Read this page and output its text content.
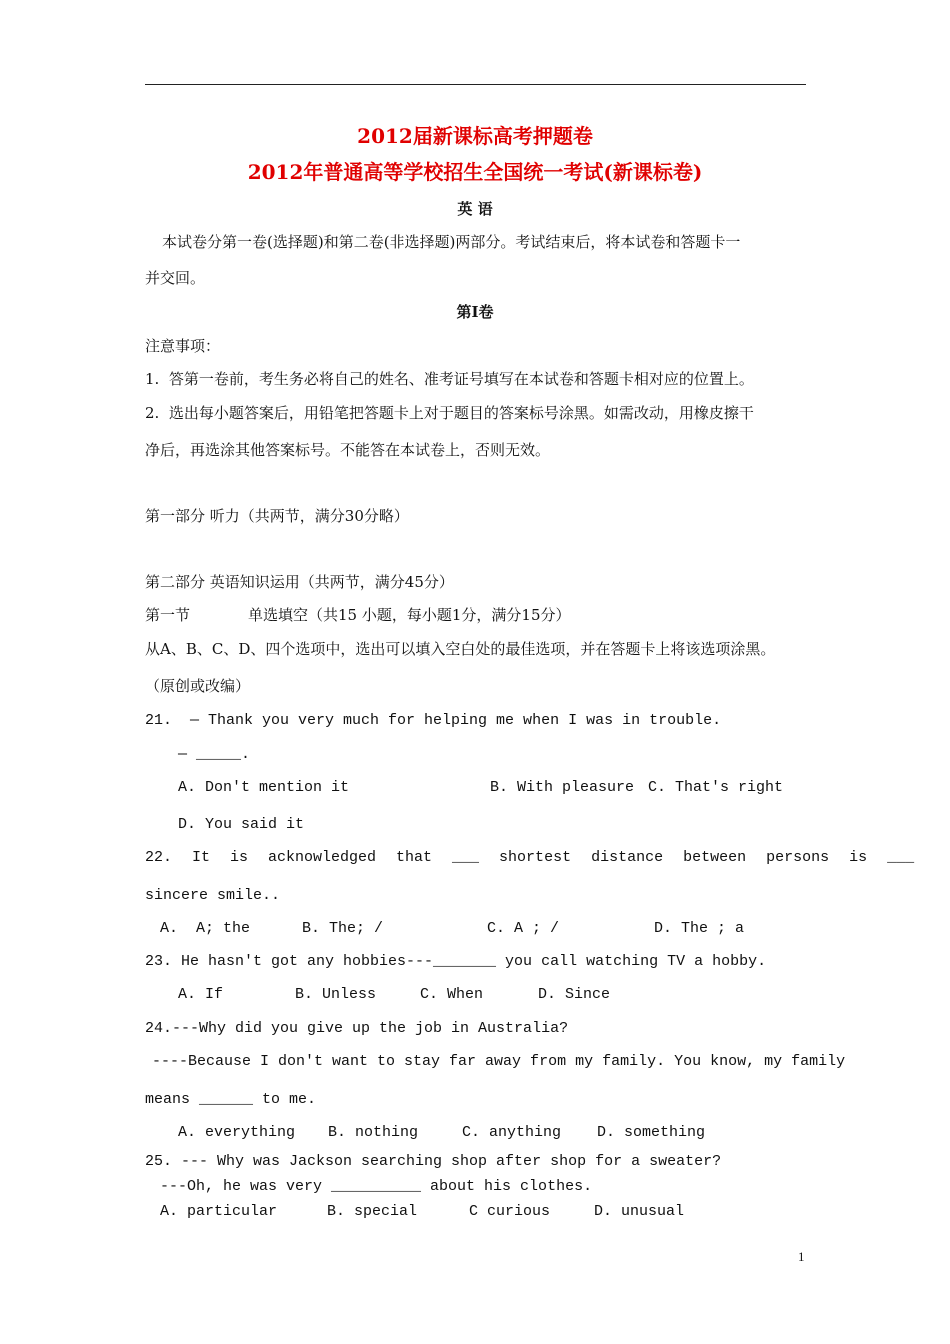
2012届新课标高考押题卷
2012年普通高等学校招生全国统一考试(新课标卷)
英 语
本试卷分第一卷(选择题)和第二卷(非选择题)两部分。考试结束后，将本试卷和答题卡一
并交回。
第I卷
注意事项：
1.  答第一卷前，考生务必将自己的姓名、准考证号填写在本试卷和答题卡相对应的位置上。
2.  选出每小题答案后，用铅笔把答题卡上对于题目的答案标号涂黑。如需改动，用橡皮擦干
净后，再选涂其他答案标号。不能答在本试卷上，否则无效。
第一部分 听力（共两节，满分30分略）
第二部分 英语知识运用（共两节，满分45分）
第一节	单选填空（共15 小题，每小题1分，满分15分）
从A、B、C、D、四个选项中，选出可以填入空白处的最佳选项，并在答题卡上将该选项涂黑。
（原创或改编）
21.  — Thank you very much for helping me when I was in trouble.
— _____.
A. Don't mention it	B. With pleasure C. That's right
D. You said it
22.  It  is  acknowledged  that  ___  shortest  distance  between  persons  is  ___
sincere smile..
A.  A; the	B. The; /	C. A ; /	D. The ; a
23. He hasn't got any hobbies---_______ you call watching TV a hobby.
A. If	B. Unless	C. When	D. Since
24.---Why did you give up the job in Australia?
----Because I don't want to stay far away from my family. You know, my family
means ______ to me.
A. everything B. nothing	C. anything D. something
25. --- Why was Jackson searching shop after shop for a sweater?
---Oh, he was very __________ about his clothes.
A. particular	B. special	C curious	D. unusual
1
